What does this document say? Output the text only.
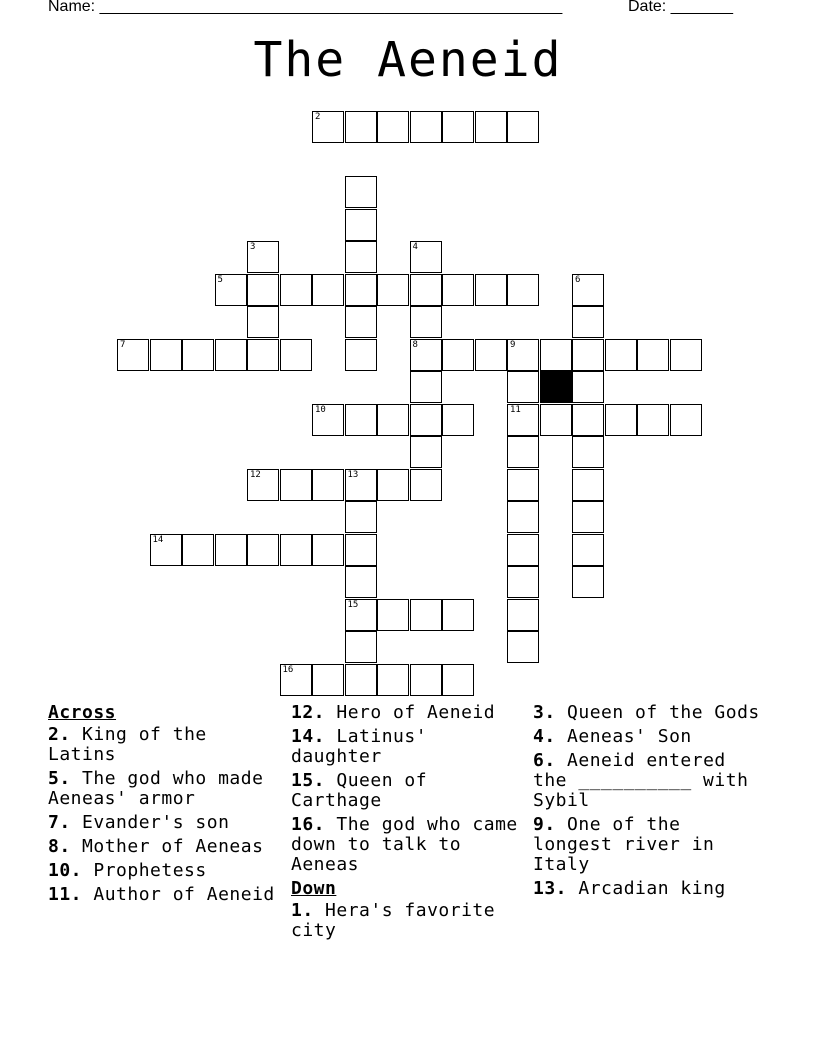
Name: ____________________________________________________	Date: _______
The Aeneid
2
3	4
5	6
7	8	9
10	11
12	13
14
15
16
Across
2. King of the Latins
5. The god who made Aeneas' armor
7. Evander's son
8. Mother of Aeneas
10. Prophetess
11. Author of Aeneid
12. Hero of Aeneid
14. Latinus' daughter
15. Queen of Carthage
16. The god who came down to talk to Aeneas
Down
1. Hera's favorite city
3. Queen of the Gods
4. Aeneas' Son
6. Aeneid entered the __________ with Sybil
9. One of the longest river in Italy
13. Arcadian king
